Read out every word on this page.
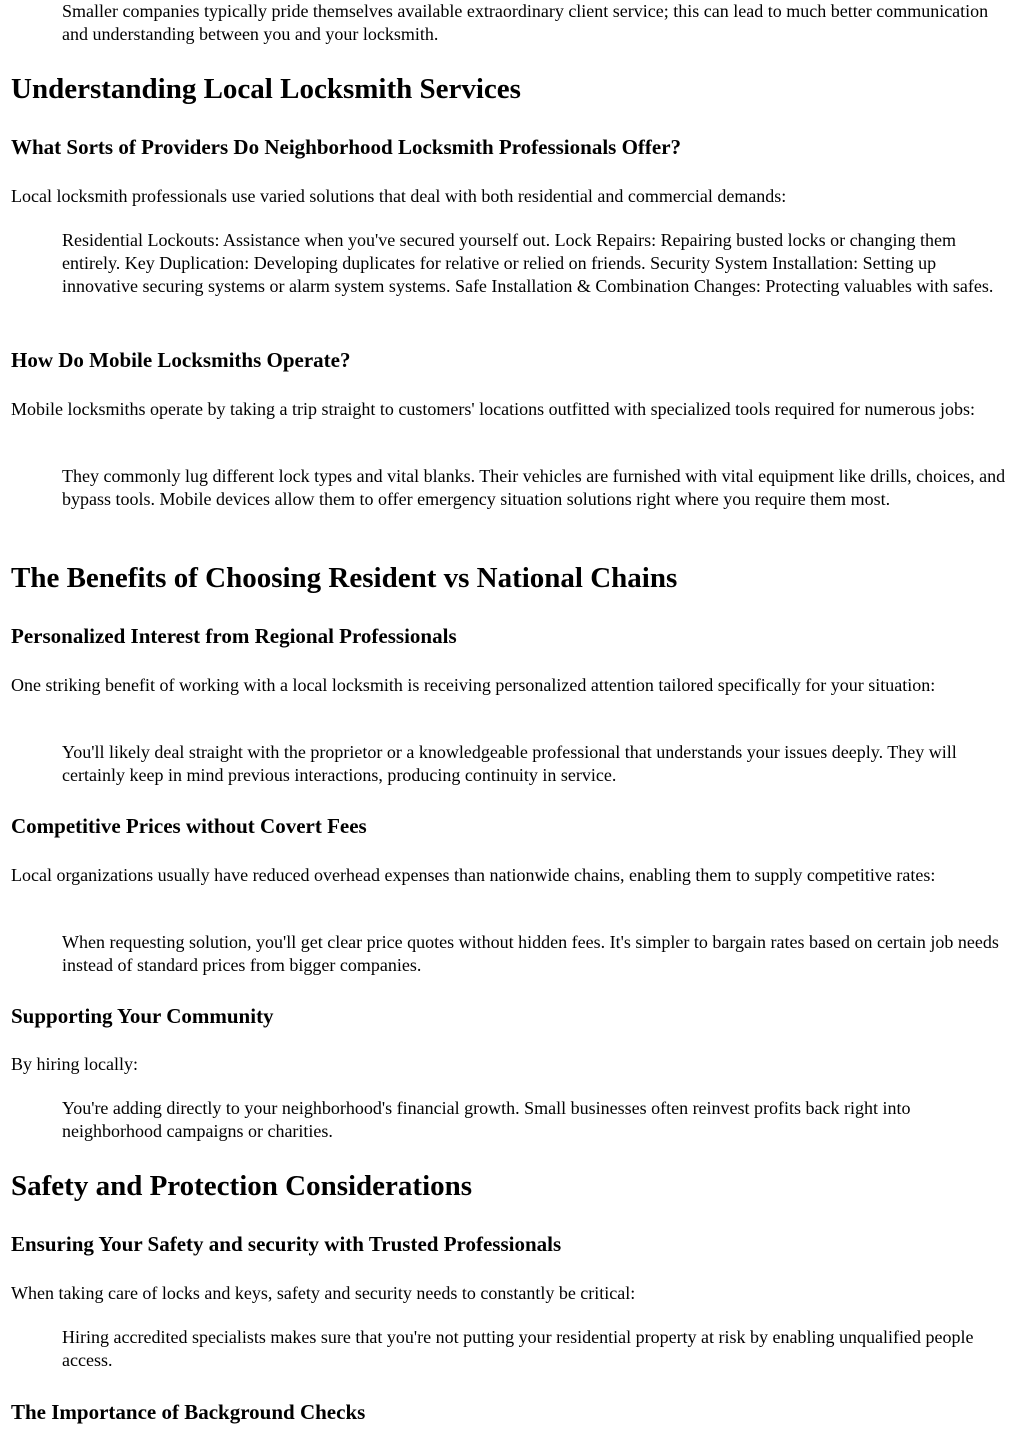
Smaller companies typically pride themselves available extraordinary client service; this can lead to much better communication and understanding between you and your locksmith.

Understanding Local Locksmith Services
What Sorts of Providers Do Neighborhood Locksmith Professionals Offer?

Local locksmith professionals use varied solutions that deal with both residential and commercial demands:

Residential Lockouts: Assistance when you've secured yourself out. Lock Repairs: Repairing busted locks or changing them entirely. Key Duplication: Developing duplicates for relative or relied on friends. Security System Installation: Setting up innovative securing systems or alarm system systems. Safe Installation & Combination Changes: Protecting valuables with safes.

How Do Mobile Locksmiths Operate?

Mobile locksmiths operate by taking a trip straight to customers' locations outfitted with specialized tools required for numerous jobs:

They commonly lug different lock types and vital blanks. Their vehicles are furnished with vital equipment like drills, choices, and bypass tools. Mobile devices allow them to offer emergency situation solutions right where you require them most.

The Benefits of Choosing Resident vs National Chains
Personalized Interest from Regional Professionals

One striking benefit of working with a local locksmith is receiving personalized attention tailored specifically for your situation:

You'll likely deal straight with the proprietor or a knowledgeable professional that understands your issues deeply. They will certainly keep in mind previous interactions, producing continuity in service.

Competitive Prices without Covert Fees

Local organizations usually have reduced overhead expenses than nationwide chains, enabling them to supply competitive rates:

When requesting solution, you'll get clear price quotes without hidden fees. It's simpler to bargain rates based on certain job needs instead of standard prices from bigger companies.

Supporting Your Community

By hiring locally:

You're adding directly to your neighborhood's financial growth. Small businesses often reinvest profits back right into neighborhood campaigns or charities.

Safety and Protection Considerations
Ensuring Your Safety and security with Trusted Professionals

When taking care of locks and keys, safety and security needs to constantly be critical:

Hiring accredited specialists makes sure that you're not putting your residential property at risk by enabling unqualified people access.

The Importance of Background Checks
